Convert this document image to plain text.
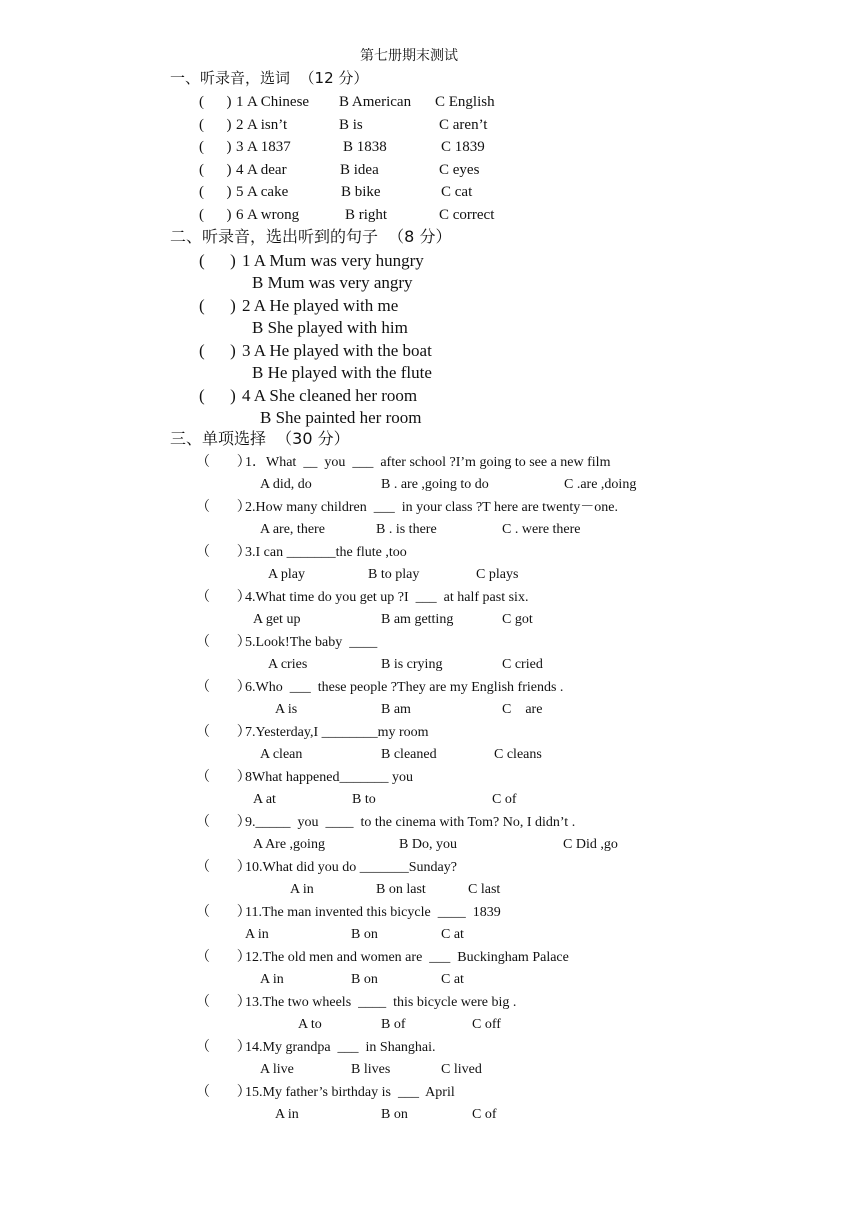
第七册期末测试
一、听录音，选词  （12 分）
(      ) 1 A Chinese B American C English
(      ) 2 A isn’t	B is	C aren’t
(      ) 3 A 1837	B 1838	C 1839
(      ) 4 A dear	B idea	C eyes
(      ) 5 A cake	B bike	C cat
(      ) 6 A wrong	B right	C correct
二、听录音，选出听到的句子  （8 分）
(      ) 1 A Mum was very hungry
B Mum was very angry
(      ) 2 A He played with me
B She played with him
(      ) 3 A He played with the boat
B He played with the flute
(      ) 4 A She cleaned her room
B She painted her room
三、单项选择  （30 分）
（      ）
1．What  __  you  ___  after school ?I’m going to see a new film
A did, do	B . are ,going to do	C .are ,doing
（      ）
2.How many children  ___  in your class ?T here are twenty－one.
A are, there	B . is there	C . were there
（      ）
3.I can _______the flute ,too
A play	B to play	C plays
（      ）
4.What time do you get up ?I  ___  at half past six.
A get up	B am getting	C got
（      ）
5.Look!The baby  ____
A cries	B is crying	C cried
（      ）
6.Who  ___  these people ?They are my English friends .
A is	B am	C    are
（      ）
7.Yesterday,I ________my room
A clean	B cleaned	C cleans
（      ）
8What happened_______ you
A at	B to	C of
（      ）
9._____  you  ____  to the cinema with Tom? No, I didn’t .
A Are ,going	B Do, you	C Did ,go
（      ）
10.What did you do _______Sunday?
A in	B on last	C last
（      ）
11.The man invented this bicycle  ____  1839
A in	B on	C at
（      ）
12.The old men and women are  ___  Buckingham Palace
A in	B on	C at
（      ）
13.The two wheels  ____  this bicycle were big .
A to	B of	C off
（      ）
14.My grandpa  ___  in Shanghai.
A live	B lives	C lived
（      ）
15.My father’s birthday is  ___  April
A in	B on	C of
